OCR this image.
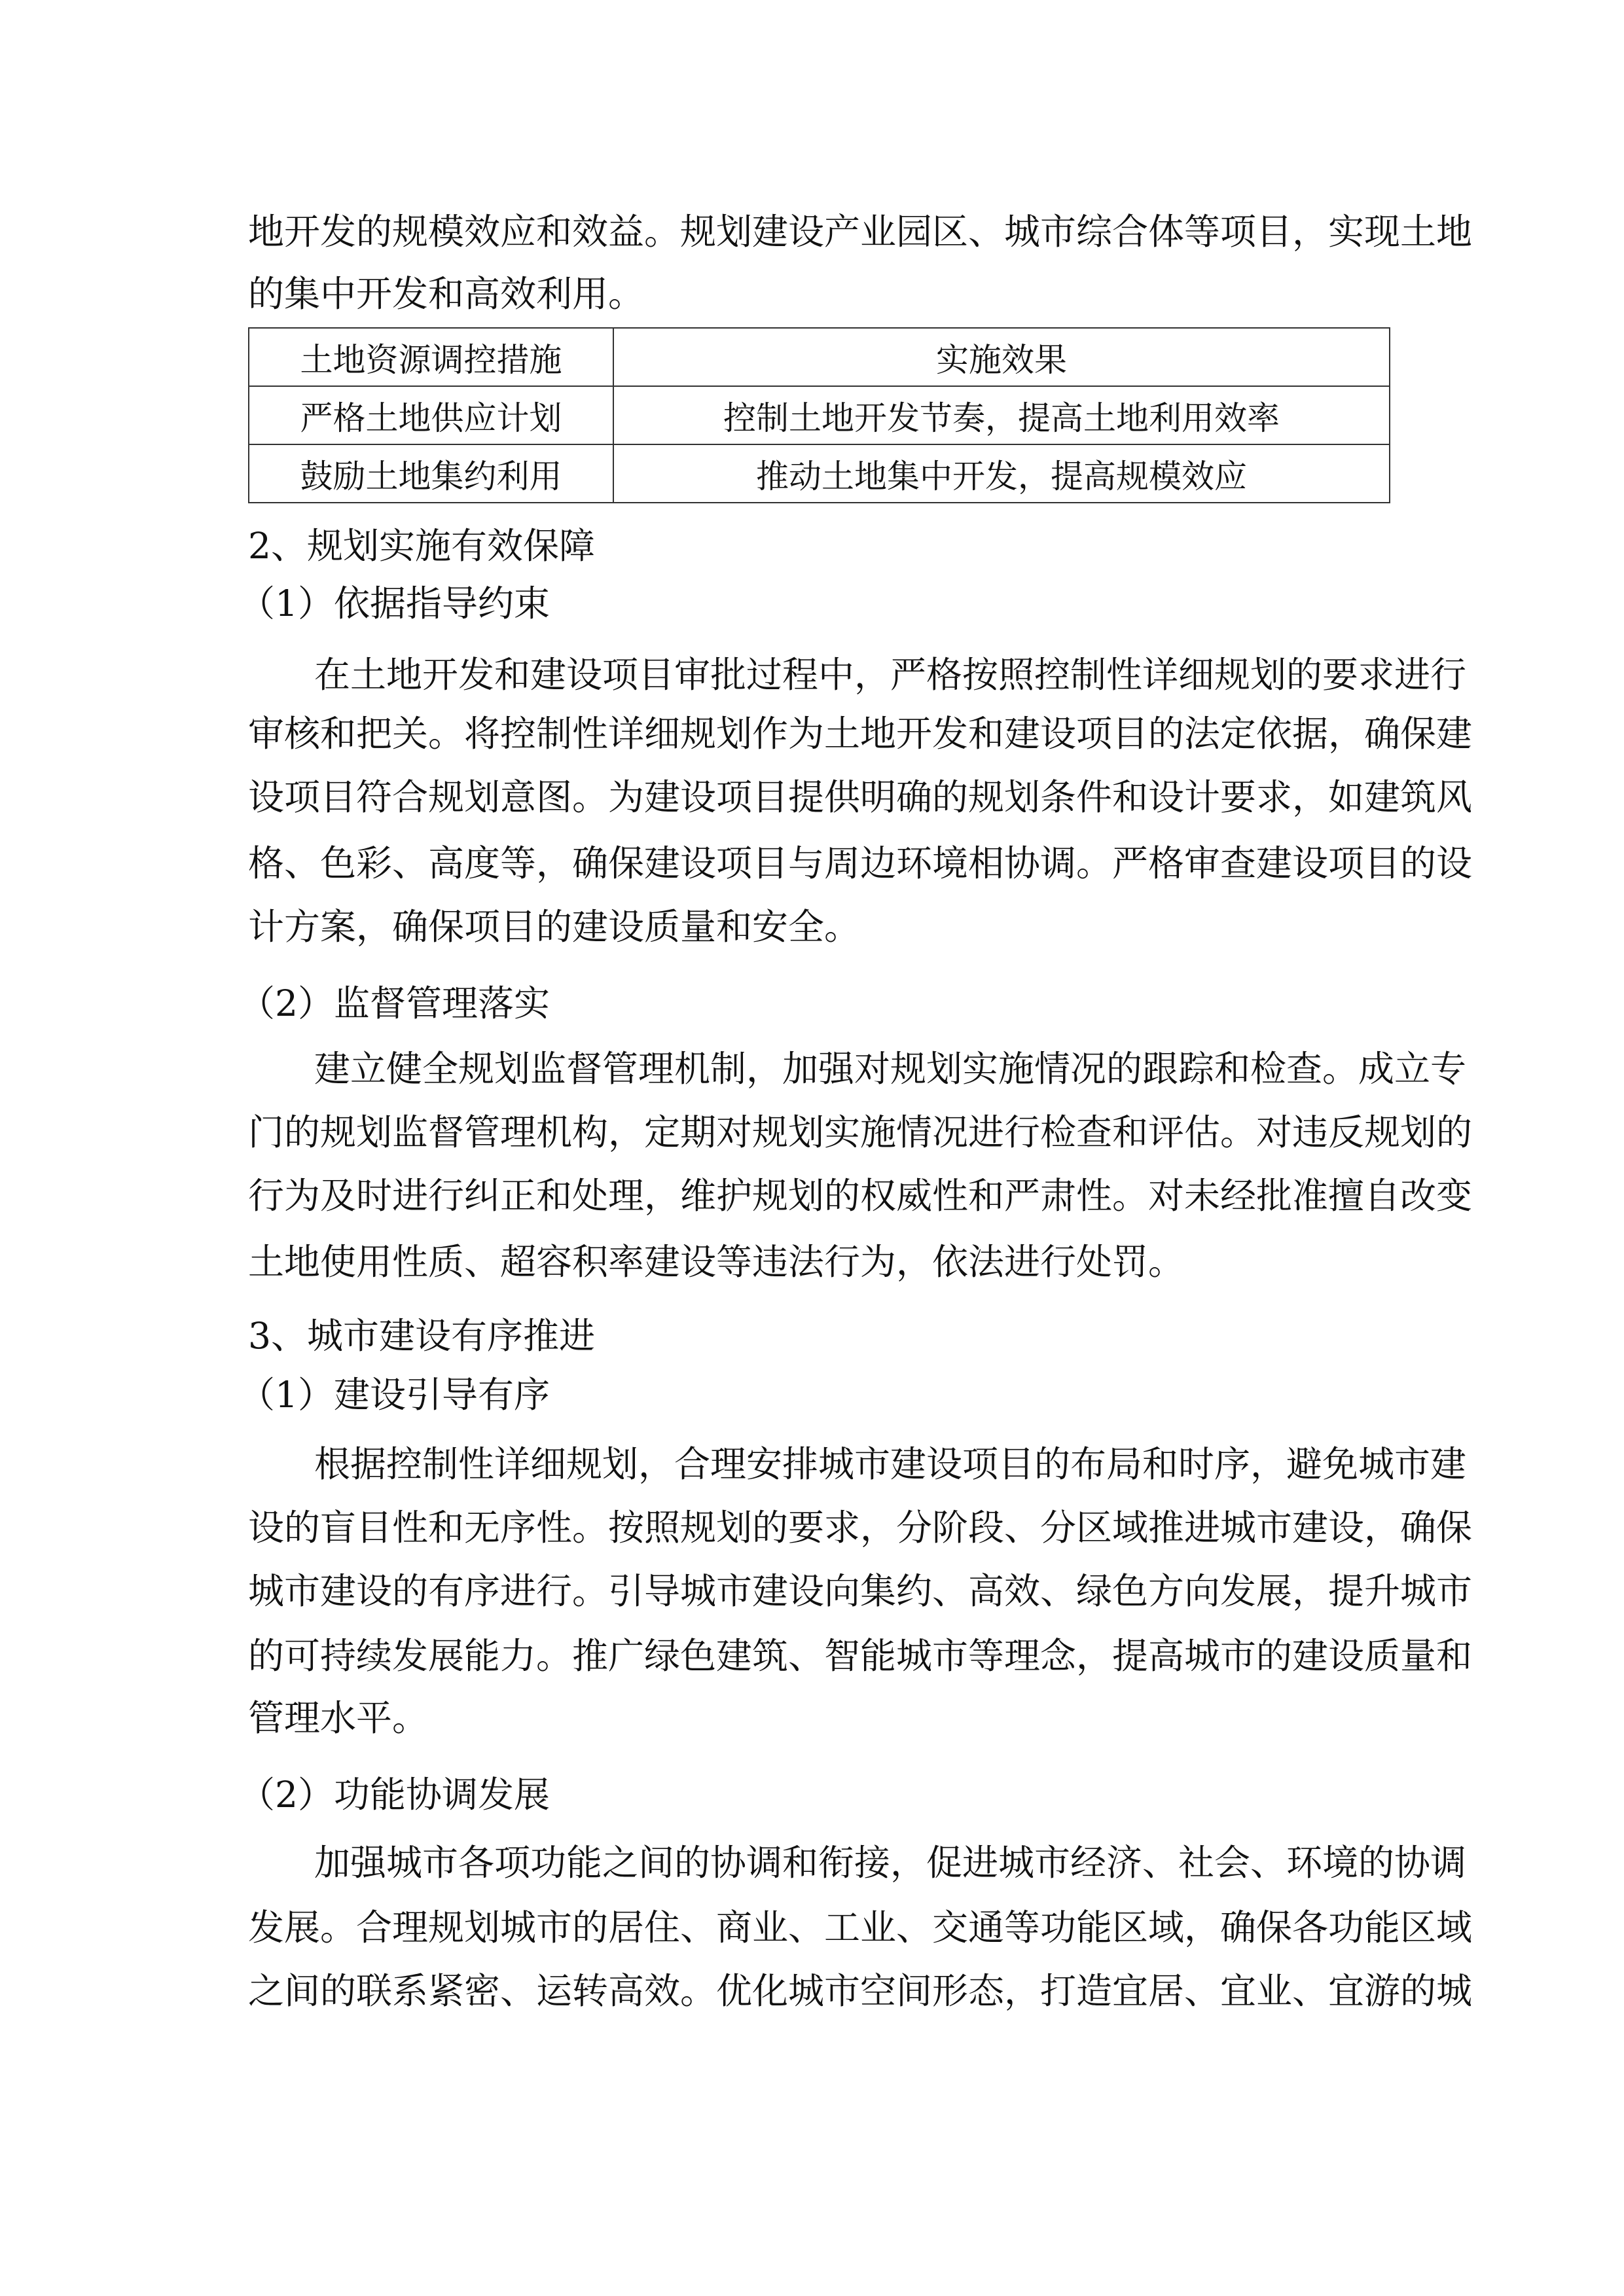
地开发的规模效应和效益。规划建设产业园区、城市综合体等项目，实现土地
的集中开发和高效利用。
土地资源调控措施	实施效果
严格土地供应计划	控制土地开发节奏，提高土地利用效率
鼓励土地集约利用	推动土地集中开发，提高规模效应
2、规划实施有效保障
（1）依据指导约束
在土地开发和建设项目审批过程中，严格按照控制性详细规划的要求进行
审核和把关。将控制性详细规划作为土地开发和建设项目的法定依据，确保建
设项目符合规划意图。为建设项目提供明确的规划条件和设计要求，如建筑风
格、色彩、高度等，确保建设项目与周边环境相协调。严格审查建设项目的设
计方案，确保项目的建设质量和安全。
（2）监督管理落实
建立健全规划监督管理机制，加强对规划实施情况的跟踪和检查。成立专
门的规划监督管理机构，定期对规划实施情况进行检查和评估。对违反规划的
行为及时进行纠正和处理，维护规划的权威性和严肃性。对未经批准擅自改变
土地使用性质、超容积率建设等违法行为，依法进行处罚。
3、城市建设有序推进
（1）建设引导有序
根据控制性详细规划，合理安排城市建设项目的布局和时序，避免城市建
设的盲目性和无序性。按照规划的要求，分阶段、分区域推进城市建设，确保
城市建设的有序进行。引导城市建设向集约、高效、绿色方向发展，提升城市
的可持续发展能力。推广绿色建筑、智能城市等理念，提高城市的建设质量和
管理水平。
（2）功能协调发展
加强城市各项功能之间的协调和衔接，促进城市经济、社会、环境的协调
发展。合理规划城市的居住、商业、工业、交通等功能区域，确保各功能区域
之间的联系紧密、运转高效。优化城市空间形态，打造宜居、宜业、宜游的城
